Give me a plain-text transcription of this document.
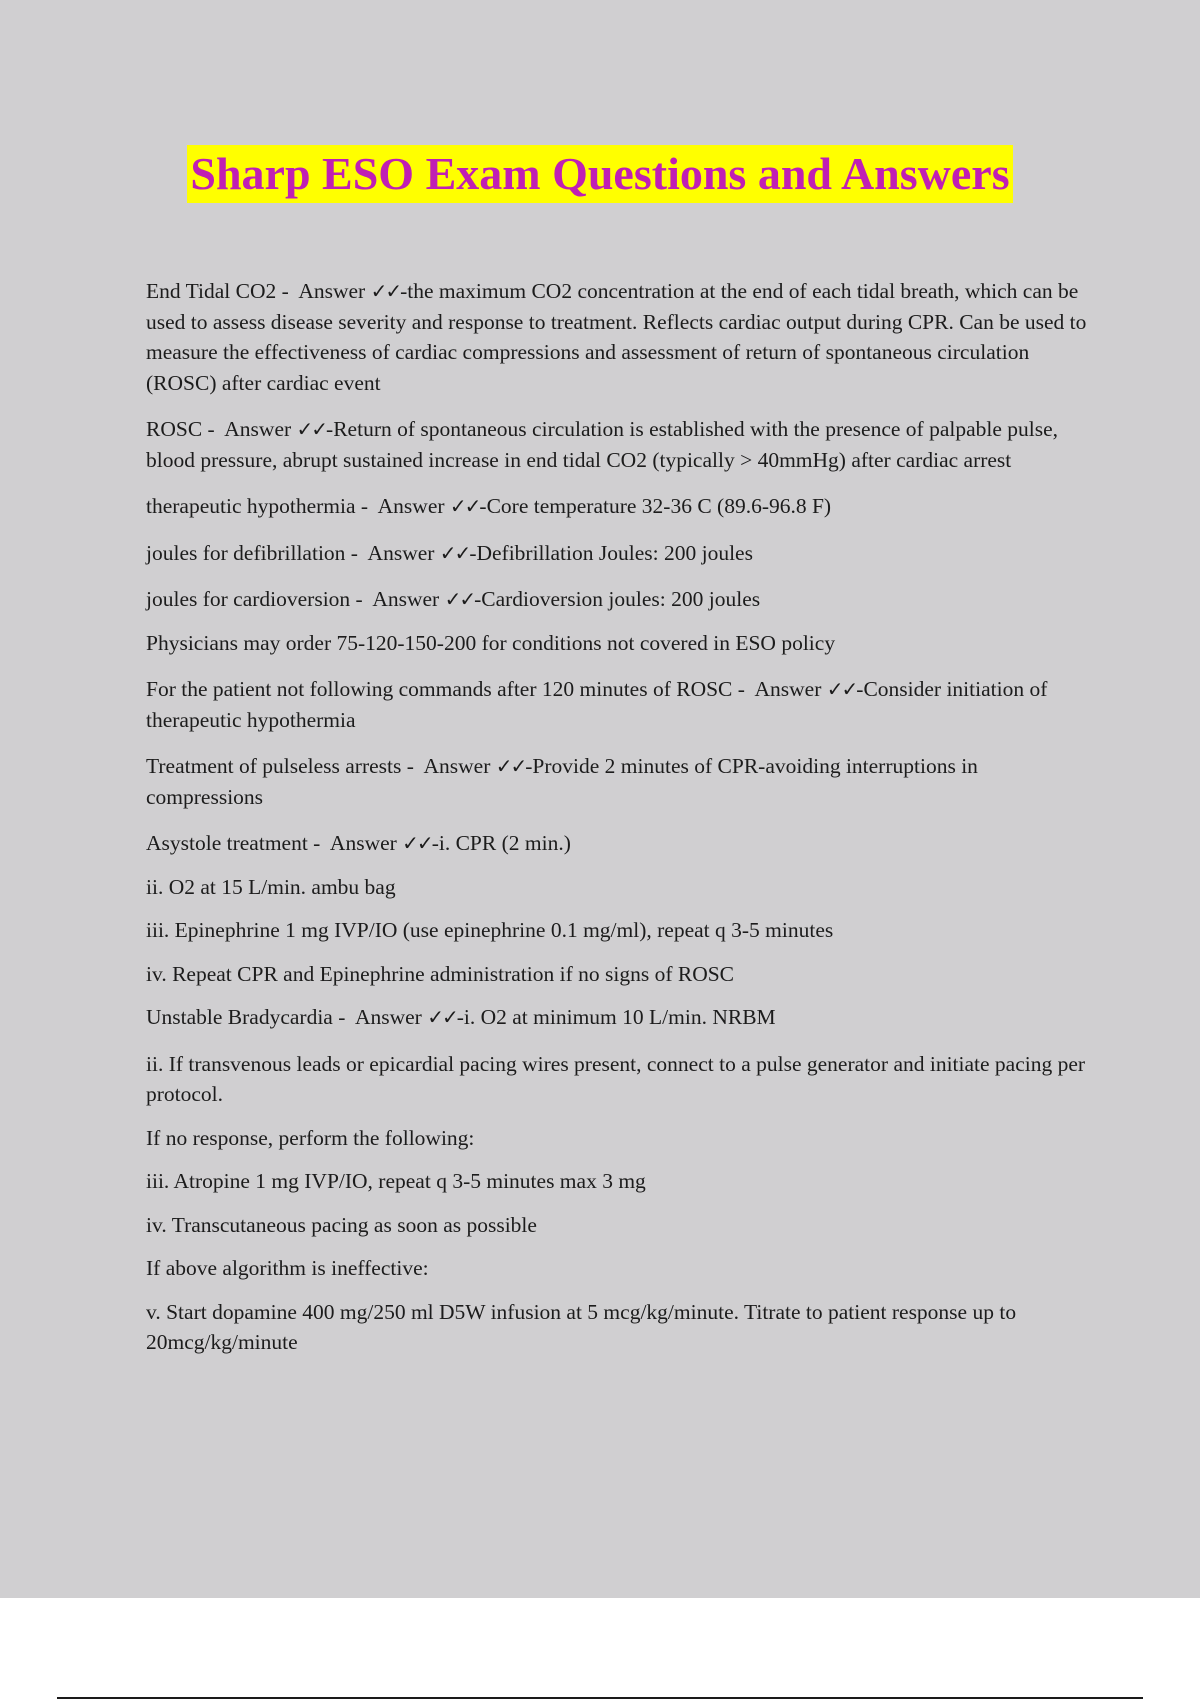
Sharp ESO Exam Questions and Answers

End Tidal CO2 - Answer ✓✓-the maximum CO2 concentration at the end of each tidal breath, which can be used to assess disease severity and response to treatment. Reflects cardiac output during CPR. Can be used to measure the effectiveness of cardiac compressions and assessment of return of spontaneous circulation (ROSC) after cardiac event

ROSC - Answer ✓✓-Return of spontaneous circulation is established with the presence of palpable pulse, blood pressure, abrupt sustained increase in end tidal CO2 (typically > 40mmHg) after cardiac arrest

therapeutic hypothermia - Answer ✓✓-Core temperature 32-36 C (89.6-96.8 F)

joules for defibrillation - Answer ✓✓-Defibrillation Joules: 200 joules

joules for cardioversion - Answer ✓✓-Cardioversion joules: 200 joules

Physicians may order 75-120-150-200 for conditions not covered in ESO policy

For the patient not following commands after 120 minutes of ROSC - Answer ✓✓-Consider initiation of therapeutic hypothermia

Treatment of pulseless arrests - Answer ✓✓-Provide 2 minutes of CPR-avoiding interruptions in compressions

Asystole treatment - Answer ✓✓-i. CPR (2 min.)

ii. O2 at 15 L/min. ambu bag

iii. Epinephrine 1 mg IVP/IO (use epinephrine 0.1 mg/ml), repeat q 3-5 minutes

iv. Repeat CPR and Epinephrine administration if no signs of ROSC

Unstable Bradycardia - Answer ✓✓-i. O2 at minimum 10 L/min. NRBM

ii. If transvenous leads or epicardial pacing wires present, connect to a pulse generator and initiate pacing per protocol.

If no response, perform the following:

iii. Atropine 1 mg IVP/IO, repeat q 3-5 minutes max 3 mg

iv. Transcutaneous pacing as soon as possible

If above algorithm is ineffective:

v. Start dopamine 400 mg/250 ml D5W infusion at 5 mcg/kg/minute. Titrate to patient response up to 20mcg/kg/minute
